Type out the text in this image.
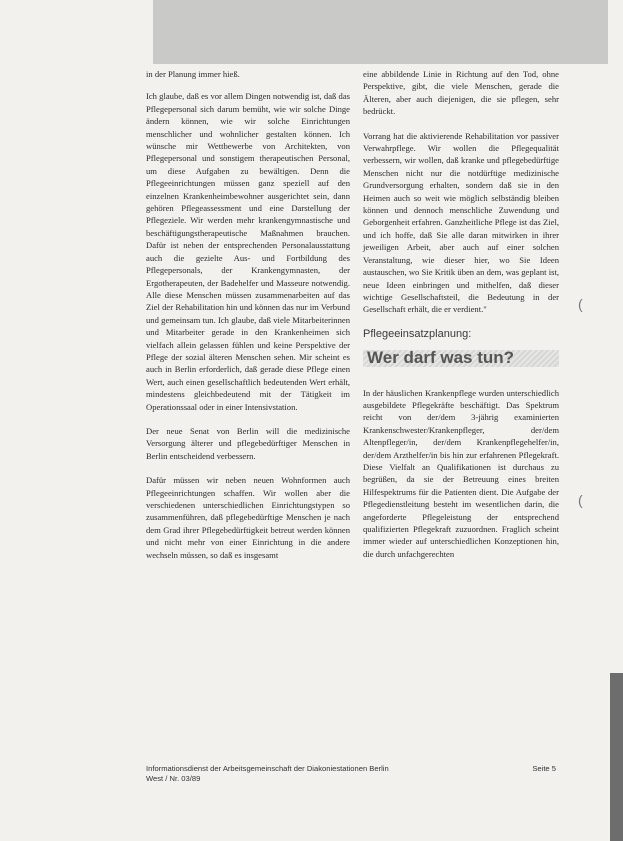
in der Planung immer hieß.

Ich glaube, daß es vor allem Dingen notwendig ist, daß das Pflegepersonal sich darum bemüht, wie wir solche Dinge ändern können, wie wir solche Einrichtungen menschlicher und wohnlicher gestalten können. Ich wünsche mir Wettbewerbe von Architekten, von Pflegepersonal und sonstigem therapeutischen Personal, um diese Aufgaben zu bewältigen. Denn die Pflegeeinrichtungen müssen ganz speziell auf den einzelnen Krankenheimbewohner ausgerichtet sein, dann gehören Pflegeassessment und eine Darstellung der Pflegeziele. Wir werden mehr krankengymnastische und beschäftigungstherapeutische Maßnahmen brauchen. Dafür ist neben der entsprechenden Personalausstattung auch die gezielte Aus- und Fortbildung des Pflegepersonals, der Krankengymnasten, der Ergotherapeuten, der Badehelfer und Masseure notwendig. Alle diese Menschen müssen zusammenarbeiten auf das Ziel der Rehabilitation hin und können das nur im Verbund und gemeinsam tun. Ich glaube, daß viele Mitarbeiterinnen und Mitarbeiter gerade in den Krankenheimen sich vielfach allein gelassen fühlen und keine Perspektive der Pflege der sozial älteren Menschen sehen. Mir scheint es auch in Berlin erforderlich, daß gerade diese Pflege einen Wert, auch einen gesellschaftlich bedeutenden Wert erhält, mindestens gleichbedeutend mit der Tätigkeit im Operationssaal oder in einer Intensivstation.

Der neue Senat von Berlin will die medizinische Versorgung älterer und pflegebedürftiger Menschen in Berlin entscheidend verbessern.

Dafür müssen wir neben neuen Wohnformen auch Pflegeeinrichtungen schaffen. Wir wollen aber die verschiedenen unterschiedlichen Einrichtungstypen so zusammenführen, daß pflegebedürftige Menschen je nach dem Grad ihrer Pflegebedürftigkeit betreut werden können und nicht mehr von einer Einrichtung in die andere wechseln müssen, so daß es insgesamt

eine abbildende Linie in Richtung auf den Tod, ohne Perspektive, gibt, die viele Menschen, gerade die Älteren, aber auch diejenigen, die sie pflegen, sehr bedrückt.

Vorrang hat die aktivierende Rehabilitation vor passiver Verwahrpflege. Wir wollen die Pflegequalität verbessern, wir wollen, daß kranke und pflegebedürftige Menschen nicht nur die notdürftige medizinische Grundversorgung erhalten, sondern daß sie in den Heimen auch so weit wie möglich selbständig bleiben können und dennoch menschliche Zuwendung und Geborgenheit erfahren. Ganzheitliche Pflege ist das Ziel, und ich hoffe, daß Sie alle daran mitwirken in ihrer jeweiligen Arbeit, aber auch auf einer solchen Veranstaltung, wie dieser hier, wo Sie Ideen austauschen, wo Sie Kritik üben an dem, was geplant ist, neue Ideen einbringen und mithelfen, daß dieser wichtige Gesellschaftsteil, die Bedeutung in der Gesellschaft erhält, die er verdient."

Pflegeeinsatzplanung:
Wer darf was tun?

In der häuslichen Krankenpflege wurden unterschiedlich ausgebildete Pflegekräfte beschäftigt. Das Spektrum reicht von der/dem 3-jährig examinierten Krankenschwester/Krankenpfleger, der/dem Altenpfleger/in, der/dem Krankenpflegehelfer/in, der/dem Arzthelfer/in bis hin zur erfahrenen Pflegekraft. Diese Vielfalt an Qualifikationen ist durchaus zu begrüßen, da sie der Betreuung eines breiten Hilfespektrums für die Patienten dient. Die Aufgabe der Pflegedienstleitung besteht im wesentlichen darin, die angeforderte Pflegeleistung der entsprechend qualifizierten Pflegekraft zuzuordnen. Fraglich scheint immer wieder auf unterschiedlichen Konzeptionen hin, die durch unfachgerechten

(
(
Informationsdienst der Arbeitsgemeinschaft der Diakoniestationen Berlin West / Nr. 03/89
Seite 5
